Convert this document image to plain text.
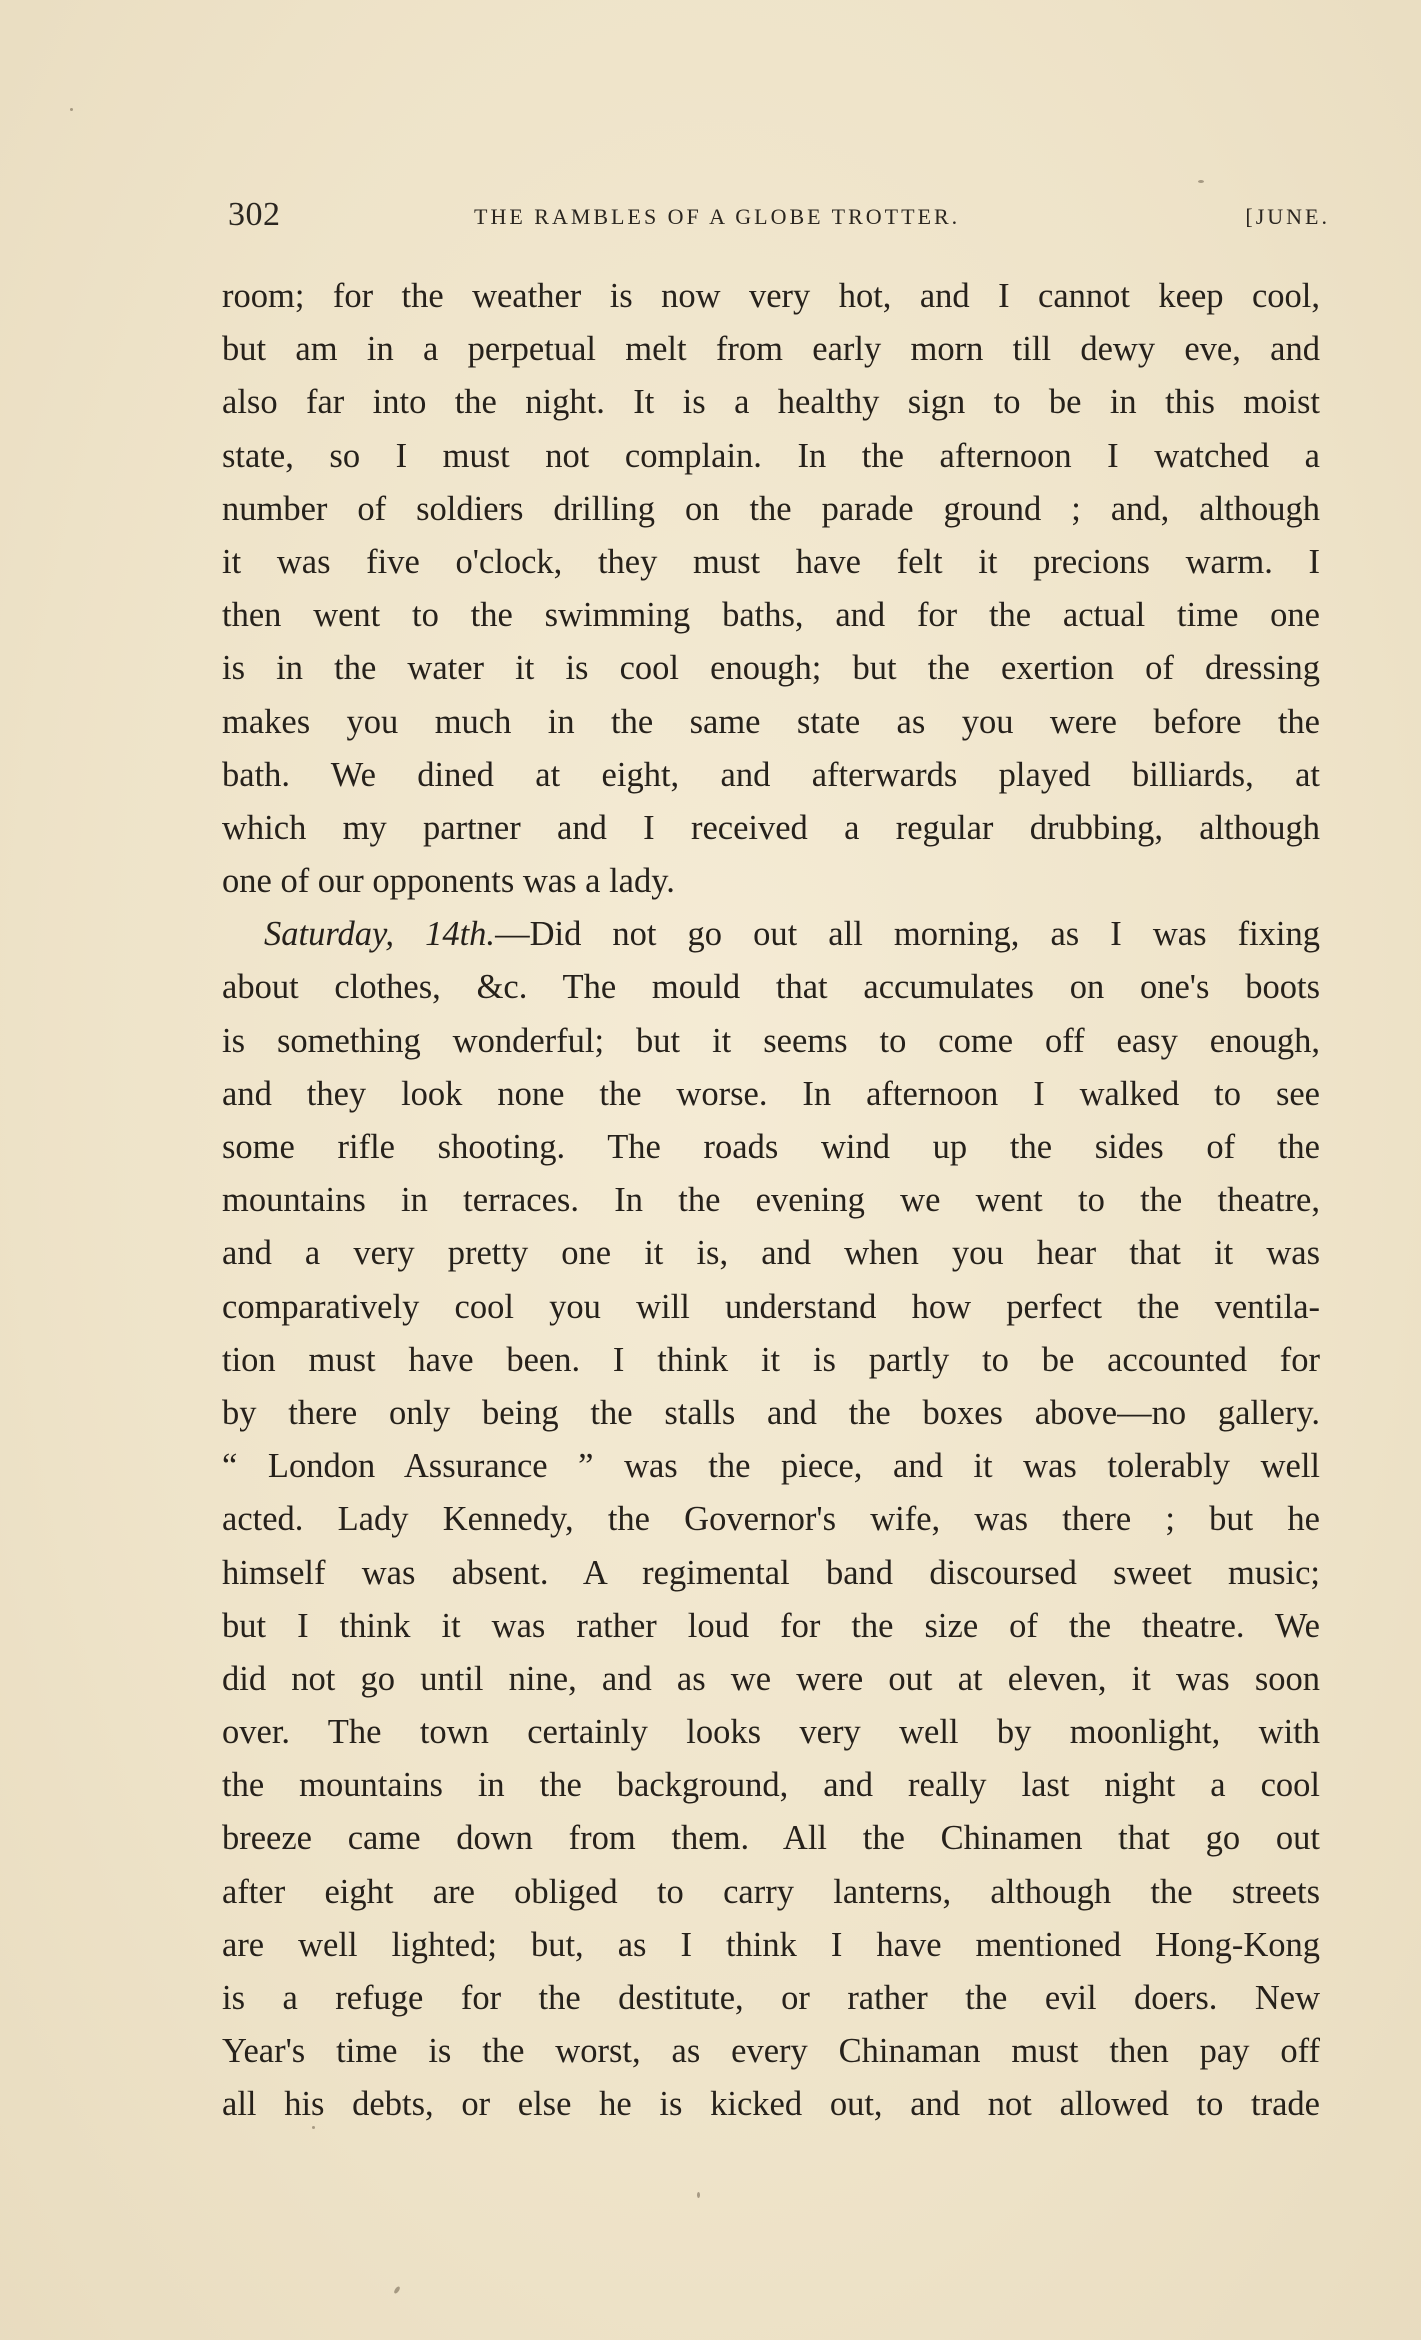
302	THE RAMBLES OF A GLOBE TROTTER.	[JUNE.
room; for the weather is now very hot, and I cannot keep cool,
but am in a perpetual melt from early morn till dewy eve, and
also far into the night. It is a healthy sign to be in this moist
state, so I must not complain. In the afternoon I watched a
number of soldiers drilling on the parade ground ; and, although
it was five o'clock, they must have felt it precions warm. I
then went to the swimming baths, and for the actual time one
is in the water it is cool enough; but the exertion of dressing
makes you much in the same state as you were before the
bath. We dined at eight, and afterwards played billiards, at
which my partner and I received a regular drubbing, although
one of our opponents was a lady.
Saturday, 14th.—Did not go out all morning, as I was fixing
about clothes, &c. The mould that accumulates on one's boots
is something wonderful; but it seems to come off easy enough,
and they look none the worse. In afternoon I walked to see
some rifle shooting. The roads wind up the sides of the
mountains in terraces. In the evening we went to the theatre,
and a very pretty one it is, and when you hear that it was
comparatively cool you will understand how perfect the ventila-
tion must have been. I think it is partly to be accounted for
by there only being the stalls and the boxes above—no gallery.
“ London Assurance ” was the piece, and it was tolerably well
acted. Lady Kennedy, the Governor's wife, was there ; but he
himself was absent. A regimental band discoursed sweet music;
but I think it was rather loud for the size of the theatre. We
did not go until nine, and as we were out at eleven, it was soon
over. The town certainly looks very well by moonlight, with
the mountains in the background, and really last night a cool
breeze came down from them. All the Chinamen that go out
after eight are obliged to carry lanterns, although the streets
are well lighted; but, as I think I have mentioned Hong-Kong
is a refuge for the destitute, or rather the evil doers. New
Year's time is the worst, as every Chinaman must then pay off
all his debts, or else he is kicked out, and not allowed to trade
